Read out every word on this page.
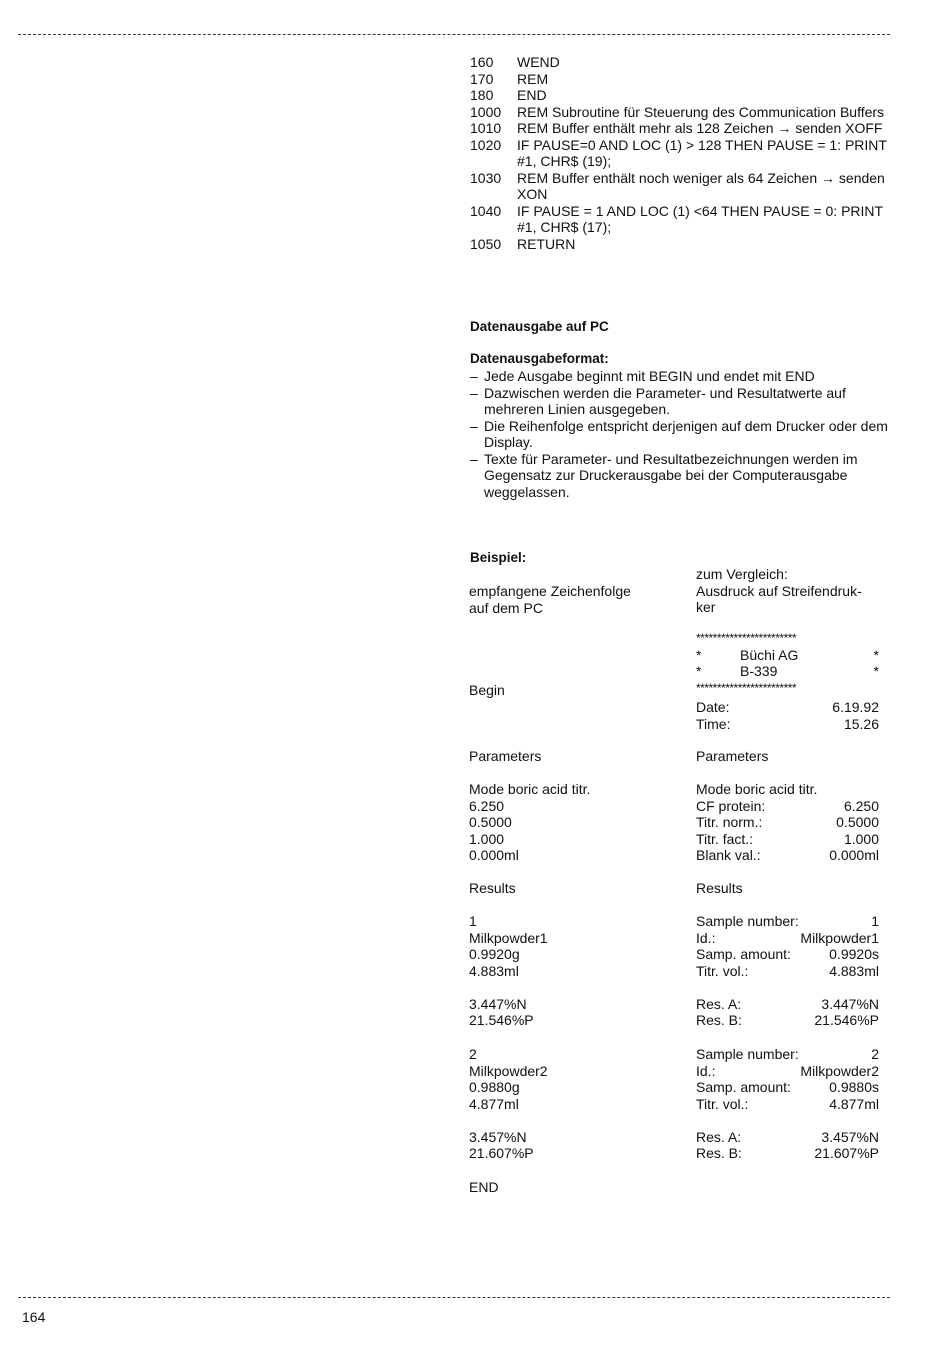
160	WEND
170	REM
180	END
1000	REM Subroutine für Steuerung des Communication Buffers
1010	REM Buffer enthält mehr als 128 Zeichen → senden XOFF
1020	IF PAUSE=0 AND LOC (1) > 128 THEN PAUSE = 1: PRINT #1, CHR$ (19);
1030	REM Buffer enthält noch weniger als 64 Zeichen → senden XON
1040	IF PAUSE = 1 AND LOC (1) <64 THEN PAUSE = 0: PRINT #1, CHR$ (17);
1050	RETURN
Datenausgabe auf PC
Datenausgabeformat:
– Jede Ausgabe beginnt mit BEGIN und endet mit END
– Dazwischen werden die Parameter- und Resultatwerte auf mehreren Linien ausgegeben.
– Die Reihenfolge entspricht derjenigen auf dem Drucker oder dem Display.
– Texte für Parameter- und Resultatbezeichnungen werden im Gegensatz zur Druckerausgabe bei der Computerausgabe weggelassen.
Beispiel:
empfangene Zeichenfolge
auf dem PC
Begin
Parameters
Mode boric acid titr.
6.250
0.5000
1.000
0.000ml
Results
1
Milkpowder1
0.9920g
4.883ml
3.447%N
21.546%P
2
Milkpowder2
0.9880g
4.877ml
3.457%N
21.607%P
END
zum Vergleich:
Ausdruck auf Streifendruk-
ker
************************
*	Büchi AG	*
*	B-339	*
************************
Date:	6.19.92
Time:	15.26
Parameters
Mode boric acid titr.
CF protein:	6.250
Titr. norm.:	0.5000
Titr. fact.:	1.000
Blank val.:	0.000ml
Results
Sample number:	1
Id.:	Milkpowder1
Samp. amount:	0.9920s
Titr. vol.:	4.883ml
Res. A:	3.447%N
Res. B:	21.546%P
Sample number:	2
Id.:	Milkpowder2
Samp. amount:	0.9880s
Titr. vol.:	4.877ml
Res. A:	3.457%N
Res. B:	21.607%P
164
